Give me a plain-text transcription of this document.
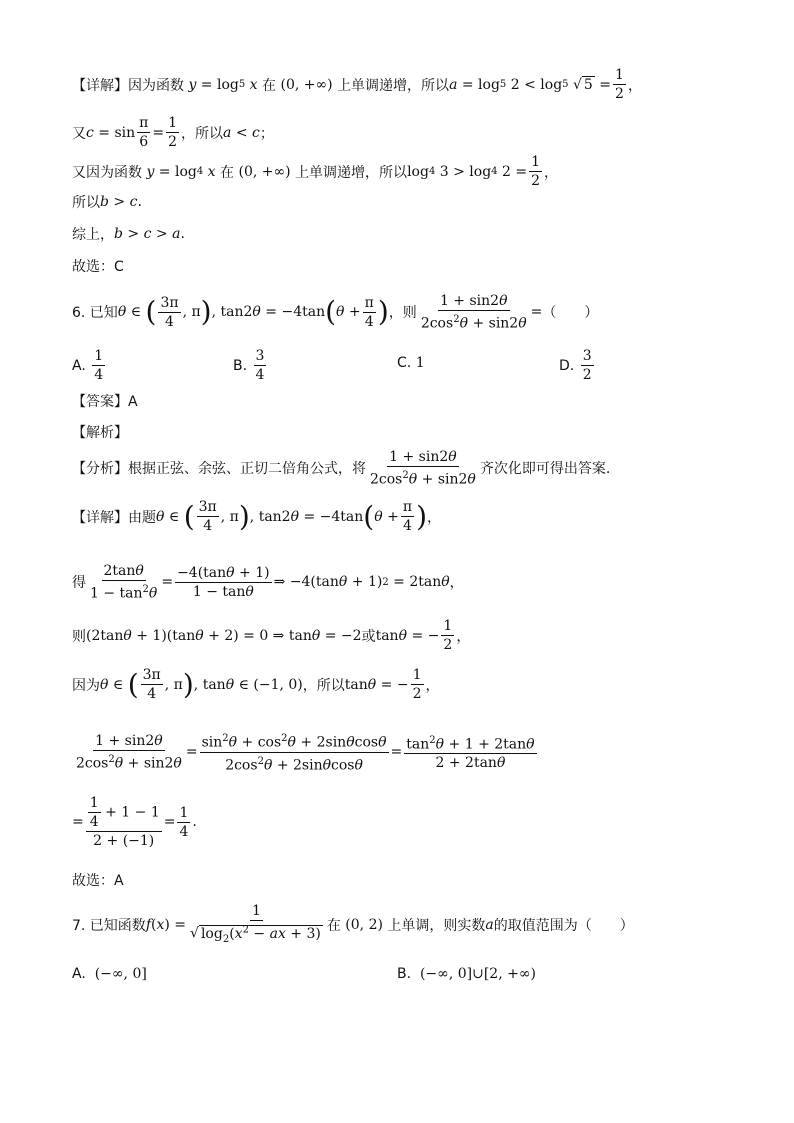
【详解】 因为函数 y = log 5 x 在 (0, +∞) 上单调递增，所以 a = log 5 2 < log 5 √ $5 = \frac{1}{2}$ ，
又 $c = \sin \frac{\pi}{6} = \frac{1}{2}$ ，所以 a < c ；
又因为函数 y = log 4 x 在 (0, +∞) 上单调递增，所以 log 4 3 > log 4 $2 = \frac{1}{2}$ ，
所以 b > c .
综上， b > c > a .
故选：C
6. 已知 θ ∈ ( $\frac{3\pi}{4}$ , π ) , tan2 θ = −4tan ( $\theta + \frac{\pi}{4}$ ) ，则 $\frac{1 + \sin 2\theta}{2\cos^2\theta + \sin 2\theta}$ = （　　）
A.
$\frac{1}{4}$	B.
$\frac{3}{4}$	C.
1	D.
$\frac{3}{2}$
【答案】A
【解析】
【分析】 根据正弦、余弦、正切二倍角公式，将 $\frac{1 + \sin 2\theta}{2\cos^2\theta + \sin 2\theta}$ 齐次化即可得出答案.
【详解】 由题 θ ∈ ( $\frac{3\pi}{4}$ , π ) , tan2 θ = −4tan ( $\theta + \frac{\pi}{4}$ ) ，
得 $\frac{2\tan\theta}{1 - \tan^2\theta} = \frac{-4(\tan\theta + 1)}{1 - \tan\theta}$ ⇒ −4(tan θ + 1) 2 = 2tan θ ，
则 (2tan θ + 1)(tan θ + 2) = 0 ⇒ tan θ = −2 或 tan θ = − $\frac{1}{2}$ ，
因为 θ ∈ ( $\frac{3\pi}{4}$ , π ) , tan θ ∈ (−1, 0) ，所以 tan θ = − $\frac{1}{2}$ ，
$\frac{1 + \sin 2\theta}{2\cos^2\theta + \sin 2\theta} = \frac{\sin^2\theta + \cos^2\theta + 2\sin\theta\cos\theta}{2\cos^2\theta + 2\sin\theta\cos\theta} = \frac{\tan^2\theta + 1 + 2\tan\theta}{2 + 2\tan\theta}$
= $\frac{\frac{1}{4} + 1 - 1}{2 + (-1)} = \frac{1}{4}$ .
故选：A
7. 已知函数 f ( x ) = $\frac{1}{√ \log_2(x^2 - ax + 3)}$ 在 (0, 2) 上单调，则实数 a 的取值范围为（　　）
A.
(−∞, 0]	B.
(−∞, 0]∪[2, +∞)
